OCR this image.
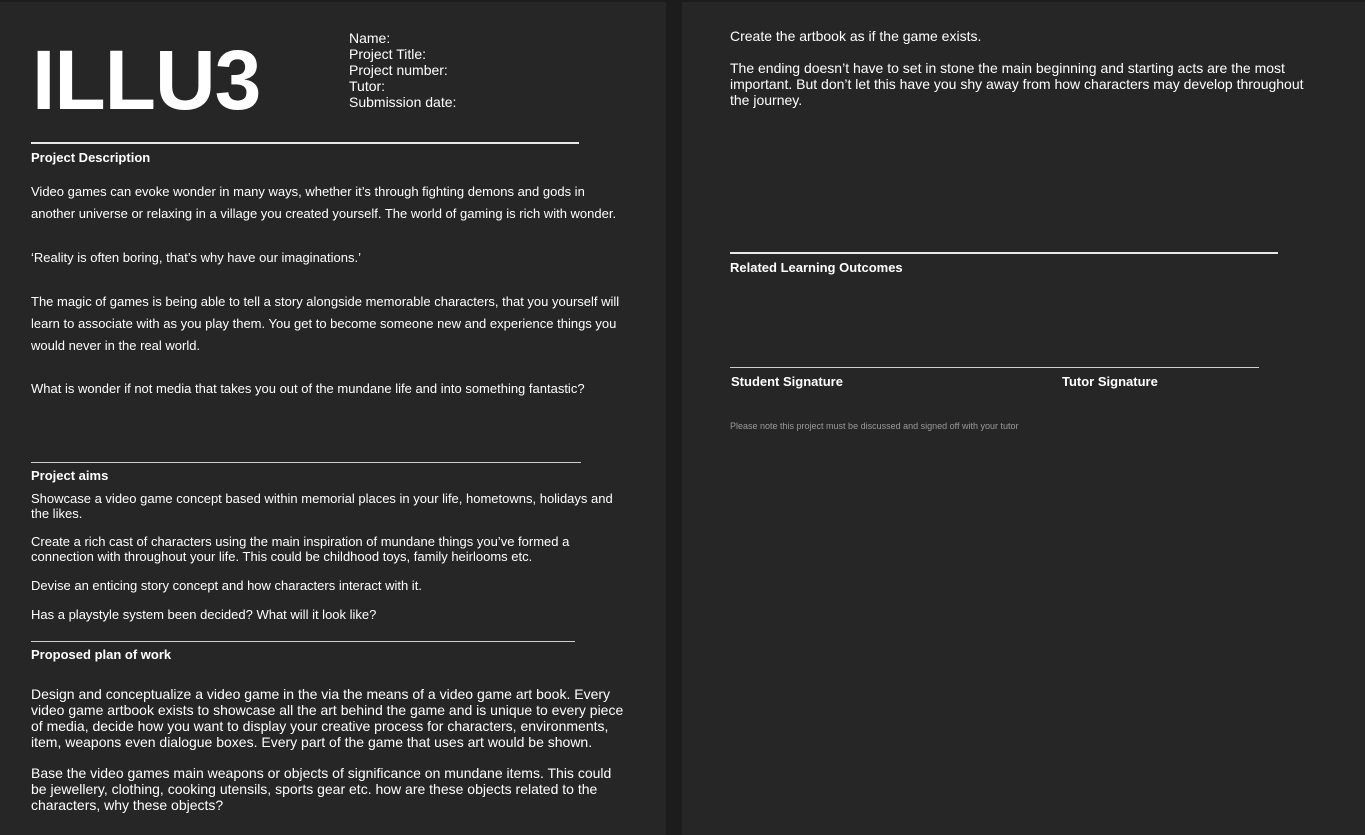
ILLU3	Name:
Project Title:
Project number:
Tutor:
Submission date:
Project Description
Video games can evoke wonder in many ways, whether it’s through fighting demons and gods in another universe or relaxing in a village you created yourself. The world of gaming is rich with wonder.
‘Reality is often boring, that’s why have our imaginations.’
The magic of games is being able to tell a story alongside memorable characters, that you yourself will learn to associate with as you play them. You get to become someone new and experience things you would never in the real world.
What is wonder if not media that takes you out of the mundane life and into something fantastic?
Project aims
Showcase a video game concept based within memorial places in your life, hometowns, holidays and the likes.
Create a rich cast of characters using the main inspiration of mundane things you’ve formed a connection with throughout your life. This could be childhood toys, family heirlooms etc.
Devise an enticing story concept and how characters interact with it.
Has a playstyle system been decided? What will it look like?
Proposed plan of work
Design and conceptualize a video game in the via the means of a video game art book. Every video game artbook exists to showcase all the art behind the game and is unique to every piece of media, decide how you want to display your creative process for characters, environments, item, weapons even dialogue boxes. Every part of the game that uses art would be shown.
Base the video games main weapons or objects of significance on mundane items. This could be jewellery, clothing, cooking utensils, sports gear etc. how are these objects related to the characters, why these objects?
Create the artbook as if the game exists.
The ending doesn’t have to set in stone the main beginning and starting acts are the most important. But don’t let this have you shy away from how characters may develop throughout the journey.
Related Learning Outcomes
Student Signature	Tutor Signature
Please note this project must be discussed and signed off with your tutor
